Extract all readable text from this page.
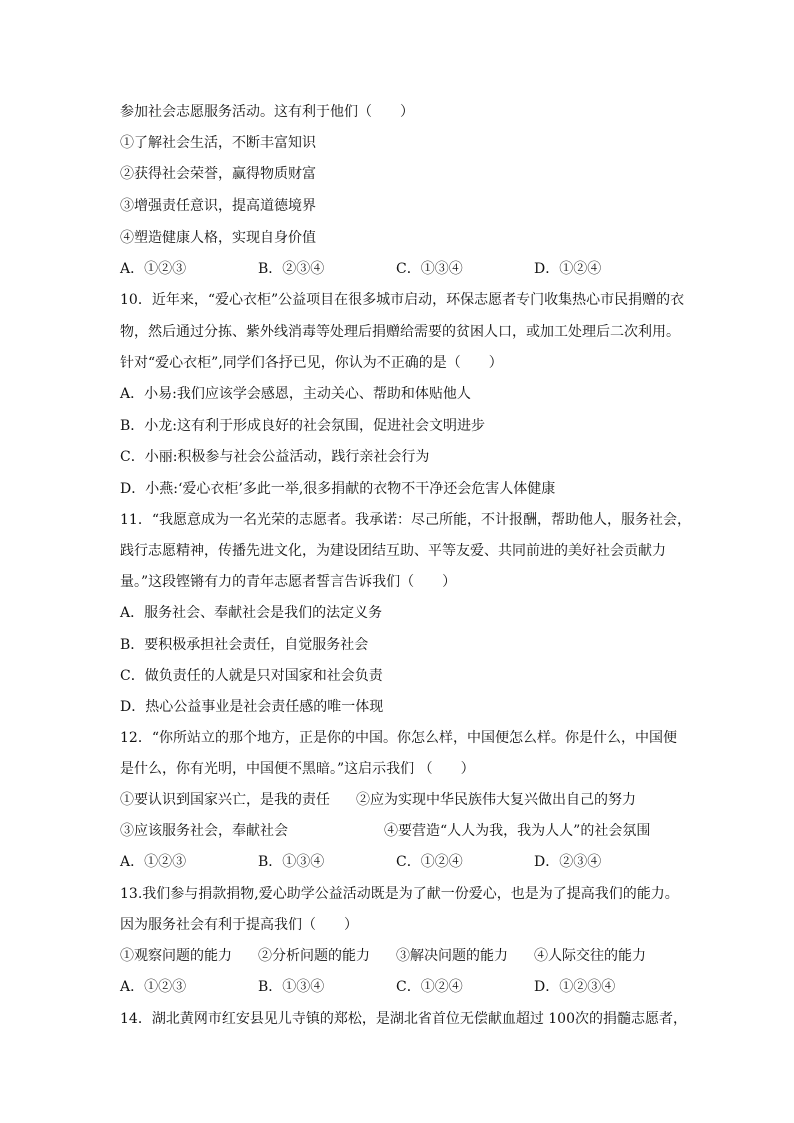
参加社会志愿服务活动。这有利于他们（　　）
①了解社会生活，不断丰富知识
②获得社会荣誉，赢得物质财富
③增强责任意识，提高道德境界
④塑造健康人格，实现自身价值
A．①②③	B．②③④	C．①③④	D．①②④
10．近年来，“爱心衣柜”公益项目在很多城市启动，环保志愿者专门收集热心市民捐赠的衣
物，然后通过分拣、紫外线消毒等处理后捐赠给需要的贫困人口，或加工处理后二次利用。
针对“爱心衣柜”,同学们各抒已见，你认为不正确的是（　　）
A．小易:我们应该学会感恩，主动关心、帮助和体贴他人
B．小龙:这有利于形成良好的社会氛围，促进社会文明进步
C．小丽:积极参与社会公益活动，践行亲社会行为
D．小燕:‘爱心衣柜’多此一举,很多捐献的衣物不干净还会危害人体健康
11．“我愿意成为一名光荣的志愿者。我承诺：尽己所能，不计报酬，帮助他人，服务社会，
践行志愿精神，传播先进文化，为建设团结互助、平等友爱、共同前进的美好社会贡献力
量。”这段铿锵有力的青年志愿者誓言告诉我们（　　）
A．服务社会、奉献社会是我们的法定义务
B．要积极承担社会责任，自觉服务社会
C．做负责任的人就是只对国家和社会负责
D．热心公益事业是社会责任感的唯一体现
12．“你所站立的那个地方，正是你的中国。你怎么样，中国便怎么样。你是什么，中国便
是什么，你有光明，中国便不黑暗。”这启示我们 （　　）
①要认识到国家兴亡，是我的责任 ②应为实现中华民族伟大复兴做出自己的努力
③应该服务社会，奉献社会	④要营造“人人为我，我为人人”的社会氛围
A．①②③	B．①③④	C．①②④	D．②③④
13.我们参与捐款捐物,爱心助学公益活动既是为了献一份爱心，也是为了提高我们的能力。
因为服务社会有利于提高我们（　　）
①观察问题的能力 ②分析问题的能力 ③解决问题的能力 ④人际交往的能力
A．①②③	B．①③④	C．①②④	D．①②③④
14．湖北黄网市红安县见儿寺镇的郑松，是湖北省首位无偿献血超过 100次的捐髓志愿者，
